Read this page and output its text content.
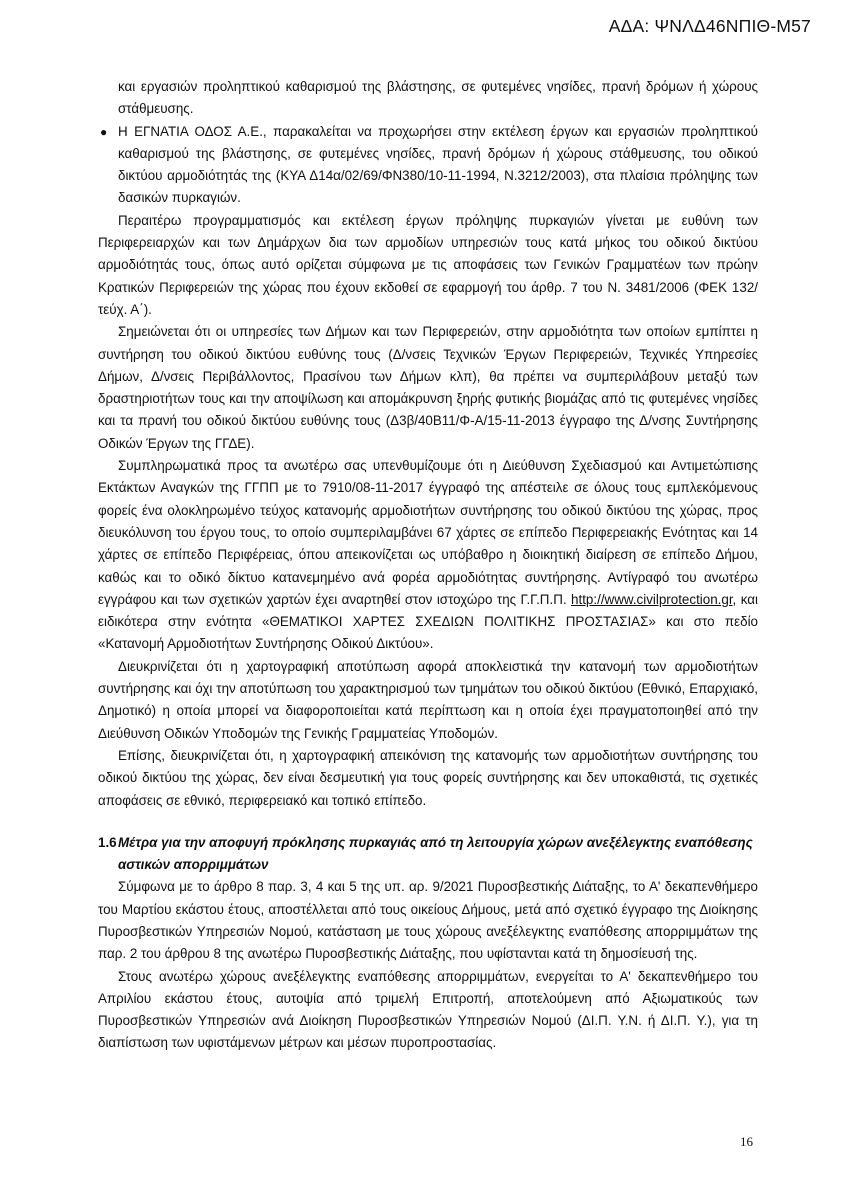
ΑΔΑ: ΨΝΛΔ46ΝΠΙΘ-Μ57

και εργασιών προληπτικού καθαρισμού της βλάστησης, σε φυτεμένες νησίδες, πρανή δρόμων ή χώρους στάθμευσης.

● Η ΕΓΝΑΤΙΑ ΟΔΟΣ Α.Ε., παρακαλείται να προχωρήσει στην εκτέλεση έργων και εργασιών προληπτικού καθαρισμού της βλάστησης, σε φυτεμένες νησίδες, πρανή δρόμων ή χώρους στάθμευσης, του οδικού δικτύου αρμοδιότητάς της (ΚΥΑ Δ14α/02/69/ΦΝ380/10-11-1994, Ν.3212/2003), στα πλαίσια πρόληψης των δασικών πυρκαγιών.

Περαιτέρω προγραμματισμός και εκτέλεση έργων πρόληψης πυρκαγιών γίνεται με ευθύνη των Περιφερειαρχών και των Δημάρχων δια των αρμοδίων υπηρεσιών τους κατά μήκος του οδικού δικτύου αρμοδιότητάς τους, όπως αυτό ορίζεται σύμφωνα με τις αποφάσεις των Γενικών Γραμματέων των πρώην Κρατικών Περιφερειών της χώρας που έχουν εκδοθεί σε εφαρμογή του άρθρ. 7 του Ν. 3481/2006 (ΦΕΚ 132/ τεύχ. Α΄).

Σημειώνεται ότι οι υπηρεσίες των Δήμων και των Περιφερειών, στην αρμοδιότητα των οποίων εμπίπτει η συντήρηση του οδικού δικτύου ευθύνης τους (Δ/νσεις Τεχνικών Έργων Περιφερειών, Τεχνικές Υπηρεσίες Δήμων, Δ/νσεις Περιβάλλοντος, Πρασίνου των Δήμων κλπ), θα πρέπει να συμπεριλάβουν μεταξύ των δραστηριοτήτων τους και την αποψίλωση και απομάκρυνση ξηρής φυτικής βιομάζας από τις φυτεμένες νησίδες και τα πρανή του οδικού δικτύου ευθύνης τους (Δ3β/40Β11/Φ-Α/15-11-2013 έγγραφο της Δ/νσης Συντήρησης Οδικών Έργων της ΓΓΔΕ).

Συμπληρωματικά προς τα ανωτέρω σας υπενθυμίζουμε ότι η Διεύθυνση Σχεδιασμού και Αντιμετώπισης Εκτάκτων Αναγκών της ΓΓΠΠ με το 7910/08-11-2017 έγγραφό της απέστειλε σε όλους τους εμπλεκόμενους φορείς ένα ολοκληρωμένο τεύχος κατανομής αρμοδιοτήτων συντήρησης του οδικού δικτύου της χώρας, προς διευκόλυνση του έργου τους, το οποίο συμπεριλαμβάνει 67 χάρτες σε επίπεδο Περιφερειακής Ενότητας και 14 χάρτες σε επίπεδο Περιφέρειας, όπου απεικονίζεται ως υπόβαθρο η διοικητική διαίρεση σε επίπεδο Δήμου, καθώς και το οδικό δίκτυο κατανεμημένο ανά φορέα αρμοδιότητας συντήρησης. Αντίγραφό του ανωτέρω εγγράφου και των σχετικών χαρτών έχει αναρτηθεί στον ιστοχώρο της Γ.Γ.Π.Π. http://www.civilprotection.gr, και ειδικότερα στην ενότητα «ΘΕΜΑΤΙΚΟΙ ΧΑΡΤΕΣ ΣΧΕΔΙΩΝ ΠΟΛΙΤΙΚΗΣ ΠΡΟΣΤΑΣΙΑΣ» και στο πεδίο «Κατανομή Αρμοδιοτήτων Συντήρησης Οδικού Δικτύου».

Διευκρινίζεται ότι η χαρτογραφική αποτύπωση αφορά αποκλειστικά την κατανομή των αρμοδιοτήτων συντήρησης και όχι την αποτύπωση του χαρακτηρισμού των τμημάτων του οδικού δικτύου (Εθνικό, Επαρχιακό, Δημοτικό) η οποία μπορεί να διαφοροποιείται κατά περίπτωση και η οποία έχει πραγματοποιηθεί από την Διεύθυνση Οδικών Υποδομών της Γενικής Γραμματείας Υποδομών.

Επίσης, διευκρινίζεται ότι, η χαρτογραφική απεικόνιση της κατανομής των αρμοδιοτήτων συντήρησης του οδικού δικτύου της χώρας, δεν είναι δεσμευτική για τους φορείς συντήρησης και δεν υποκαθιστά, τις σχετικές αποφάσεις σε εθνικό, περιφερειακό και τοπικό επίπεδο.

1.6Μέτρα για την αποφυγή πρόκλησης πυρκαγιάς από τη λειτουργία χώρων ανεξέλεγκτης εναπόθεσης αστικών απορριμμάτων

Σύμφωνα με το άρθρο 8 παρ. 3, 4 και 5 της υπ. αρ. 9/2021 Πυροσβεστικής Διάταξης, το Α' δεκαπενθήμερο του Μαρτίου εκάστου έτους, αποστέλλεται από τους οικείους Δήμους, μετά από σχετικό έγγραφο της Διοίκησης Πυροσβεστικών Υπηρεσιών Νομού, κατάσταση με τους χώρους ανεξέλεγκτης εναπόθεσης απορριμμάτων της παρ. 2 του άρθρου 8 της ανωτέρω Πυροσβεστικής Διάταξης, που υφίστανται κατά τη δημοσίευσή της.

Στους ανωτέρω χώρους ανεξέλεγκτης εναπόθεσης απορριμμάτων, ενεργείται το Α' δεκαπενθήμερο του Απριλίου εκάστου έτους, αυτοψία από τριμελή Επιτροπή, αποτελούμενη από Αξιωματικούς των Πυροσβεστικών Υπηρεσιών ανά Διοίκηση Πυροσβεστικών Υπηρεσιών Νομού (ΔΙ.Π. Υ.Ν. ή ΔΙ.Π. Υ.), για τη διαπίστωση των υφιστάμενων μέτρων και μέσων πυροπροστασίας.

16
